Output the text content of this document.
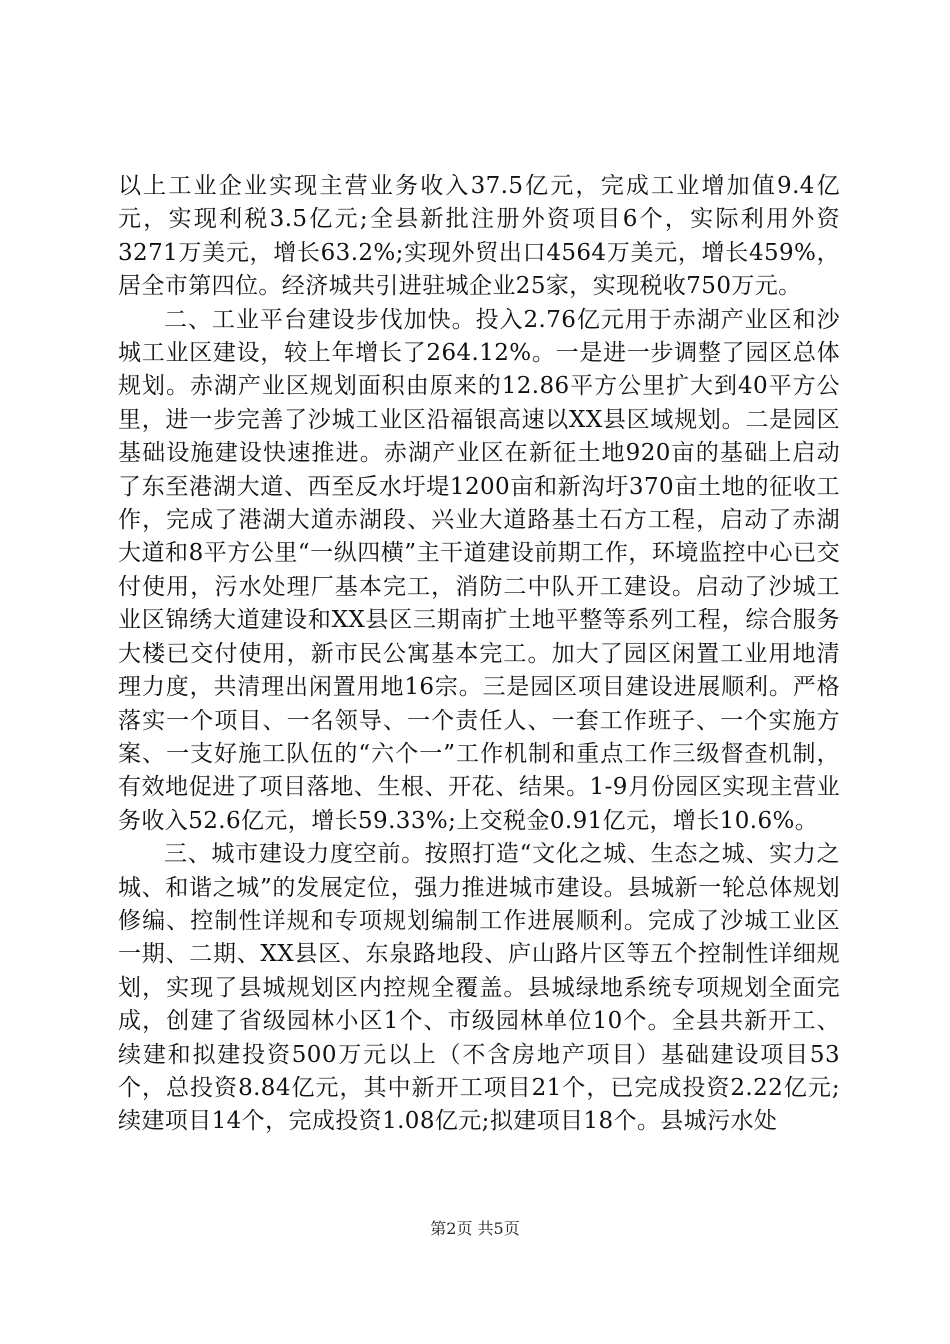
以上工业企业实现主营业务收入37.5亿元，完成工业增加值9.4亿元，实现利税3.5亿元;全县新批注册外资项目6个，实际利用外资3271万美元，增长63.2%;实现外贸出口4564万美元，增长459%，居全市第四位。经济城共引进驻城企业25家，实现税收750万元。

二、工业平台建设步伐加快。投入2.76亿元用于赤湖产业区和沙城工业区建设，较上年增长了264.12%。一是进一步调整了园区总体规划。赤湖产业区规划面积由原来的12.86平方公里扩大到40平方公里，进一步完善了沙城工业区沿福银高速以XX县区域规划。二是园区基础设施建设快速推进。赤湖产业区在新征土地920亩的基础上启动了东至港湖大道、西至反水圩堤1200亩和新沟圩370亩土地的征收工作，完成了港湖大道赤湖段、兴业大道路基土石方工程，启动了赤湖大道和8平方公里“一纵四横”主干道建设前期工作，环境监控中心已交付使用，污水处理厂基本完工，消防二中队开工建设。启动了沙城工业区锦绣大道建设和XX县区三期南扩土地平整等系列工程，综合服务大楼已交付使用，新市民公寓基本完工。加大了园区闲置工业用地清理力度，共清理出闲置用地16宗。三是园区项目建设进展顺利。严格落实一个项目、一名领导、一个责任人、一套工作班子、一个实施方案、一支好施工队伍的“六个一”工作机制和重点工作三级督查机制，有效地促进了项目落地、生根、开花、结果。1-9月份园区实现主营业务收入52.6亿元，增长59.33%;上交税金0.91亿元，增长10.6%。

三、城市建设力度空前。按照打造“文化之城、生态之城、实力之城、和谐之城”的发展定位，强力推进城市建设。县城新一轮总体规划修编、控制性详规和专项规划编制工作进展顺利。完成了沙城工业区一期、二期、XX县区、东泉路地段、庐山路片区等五个控制性详细规划，实现了县城规划区内控规全覆盖。县城绿地系统专项规划全面完成，创建了省级园林小区1个、市级园林单位10个。全县共新开工、续建和拟建投资500万元以上（不含房地产项目）基础建设项目53个，总投资8.84亿元，其中新开工项目21个，已完成投资2.22亿元;续建项目14个，完成投资1.08亿元;拟建项目18个。县城污水处

第2页 共5页
